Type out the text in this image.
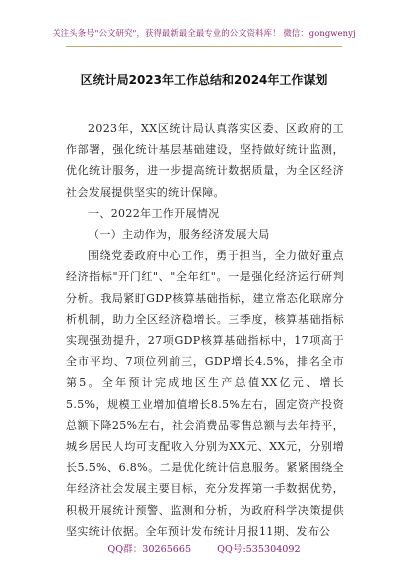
关注头条号"公文研究"，获得最新最全最专业的公文资料库！ 微信：gongwenyj
区统计局2023年工作总结和2024年工作谋划

2023年，XX区统计局认真落实区委、区政府的工作部署，强化统计基层基础建设，坚持做好统计监测，优化统计服务，进一步提高统计数据质量，为全区经济社会发展提供坚实的统计保障。

一、2022年工作开展情况

（一）主动作为，服务经济发展大局

围绕党委政府中心工作，勇于担当，全力做好重点经济指标"开门红"、"全年红"。一是强化经济运行研判分析。我局紧盯GDP核算基础指标，建立常态化联席分析机制，助力全区经济稳增长。三季度，核算基础指标实现强劲提升，27项GDP核算基础指标中，17项高于全市平均、7项位列前三，GDP增长4.5%，排名全市第5。全年预计完成地区生产总值XX亿元、增长5.5%，规模工业增加值增长8.5%左右，固定资产投资总额下降25%左右，社会消费品零售总额与去年持平，城乡居民人均可支配收入分别为XX元、XX元，分别增长5.5%、6.8%。二是优化统计信息服务。紧紧围绕全年经济社会发展主要目标，充分发挥第一手数据优势，积极开展统计预警、监测和分析，为政府科学决策提供坚实统计依据。全年预计发布统计月报11期、发布公

QQ群：30265665	QQ号:535304092
